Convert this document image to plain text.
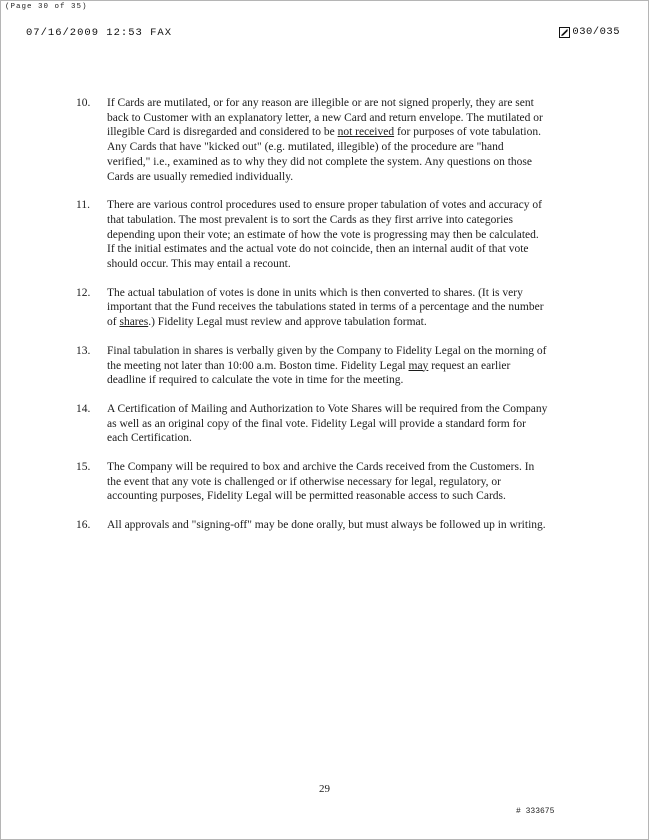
(Page 30 of 35)
07/16/2009 12:53 FAX	030/035
10.	If Cards are mutilated, or for any reason are illegible or are not signed properly, they are sent back to Customer with an explanatory letter, a new Card and return envelope. The mutilated or illegible Card is disregarded and considered to be not received for purposes of vote tabulation. Any Cards that have "kicked out" (e.g. mutilated, illegible) of the procedure are "hand verified," i.e., examined as to why they did not complete the system. Any questions on those Cards are usually remedied individually.
11.	There are various control procedures used to ensure proper tabulation of votes and accuracy of that tabulation. The most prevalent is to sort the Cards as they first arrive into categories depending upon their vote; an estimate of how the vote is progressing may then be calculated. If the initial estimates and the actual vote do not coincide, then an internal audit of that vote should occur. This may entail a recount.
12.	The actual tabulation of votes is done in units which is then converted to shares. (It is very important that the Fund receives the tabulations stated in terms of a percentage and the number of shares.) Fidelity Legal must review and approve tabulation format.
13.	Final tabulation in shares is verbally given by the Company to Fidelity Legal on the morning of the meeting not later than 10:00 a.m. Boston time. Fidelity Legal may request an earlier deadline if required to calculate the vote in time for the meeting.
14.	A Certification of Mailing and Authorization to Vote Shares will be required from the Company as well as an original copy of the final vote. Fidelity Legal will provide a standard form for each Certification.
15.	The Company will be required to box and archive the Cards received from the Customers. In the event that any vote is challenged or if otherwise necessary for legal, regulatory, or accounting purposes, Fidelity Legal will be permitted reasonable access to such Cards.
16.	All approvals and "signing-off" may be done orally, but must always be followed up in writing.
29
# 333675
